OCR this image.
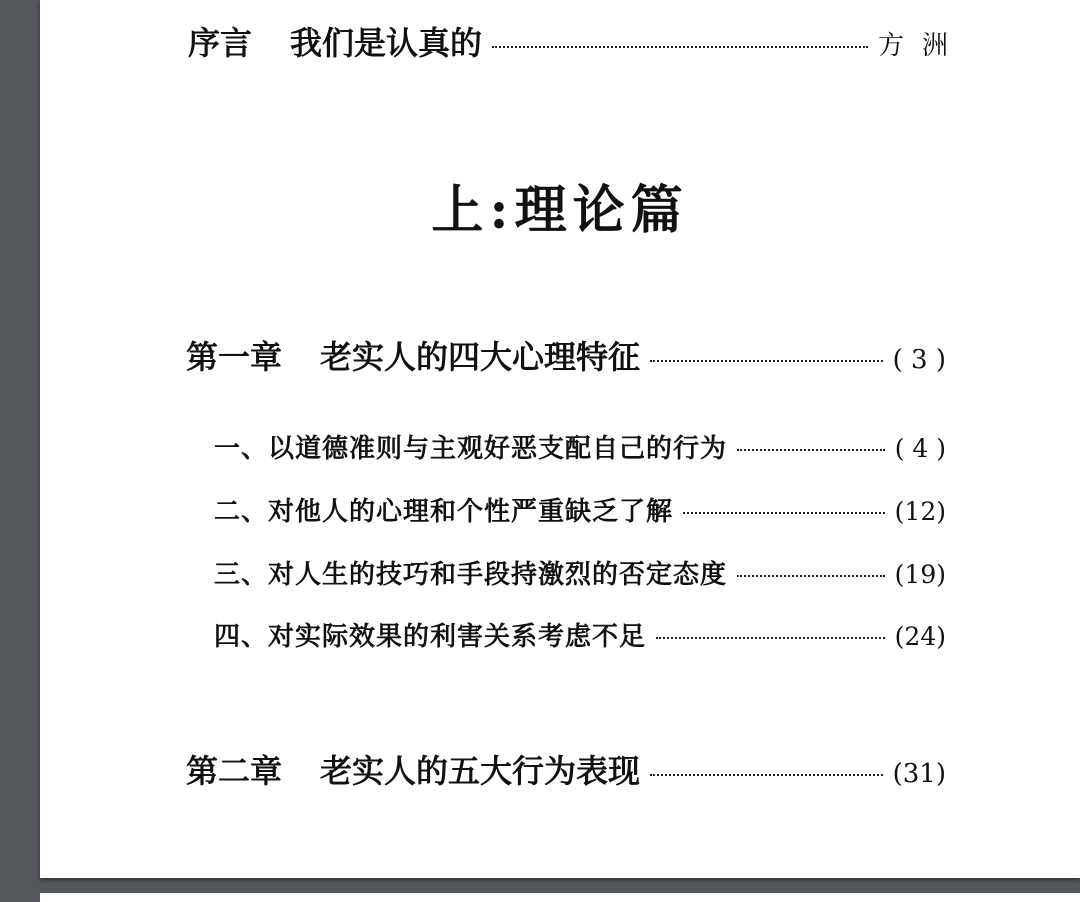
序言 我们是认真的	方洲
上:理论篇
第一章 老实人的四大心理特征	( 3 )
一、以道德准则与主观好恶支配自己的行为	( 4 )
二、对他人的心理和个性严重缺乏了解	(12)
三、对人生的技巧和手段持激烈的否定态度	(19)
四、对实际效果的利害关系考虑不足	(24)
第二章 老实人的五大行为表现	(31)
